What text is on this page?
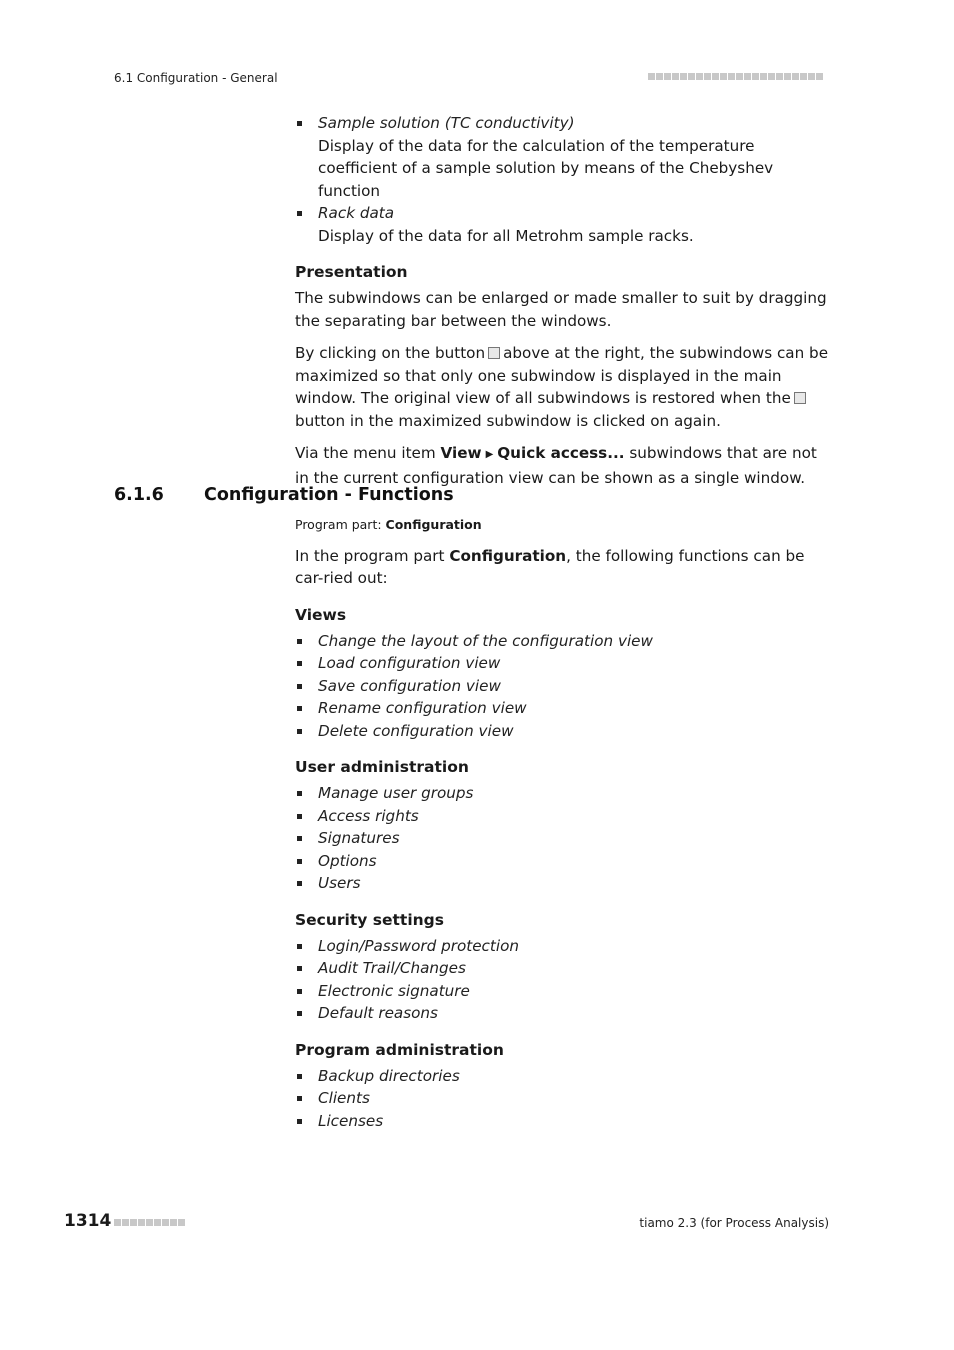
6.1 Configuration - General
Sample solution (TC conductivity)
Display of the data for the calculation of the temperature coefficient of a sample solution by means of the Chebyshev function
Rack data
Display of the data for all Metrohm sample racks.
Presentation

The subwindows can be enlarged or made smaller to suit by dragging the separating bar between the windows.

By clicking on the button above at the right, the subwindows can be maximized so that only one subwindow is displayed in the main window. The original view of all subwindows is restored when thebutton in the maximized subwindow is clicked on again.

Via the menu item View ▶ Quick access... subwindows that are not in the current configuration view can be shown as a single window.

6.1.6 Configuration - Functions
Program part: Configuration

In the program part Configuration, the following functions can be car-ried out:

Views
Change the layout of the configuration view
Load configuration view
Save configuration view
Rename configuration view
Delete configuration view
User administration
Manage user groups
Access rights
Signatures
Options
Users
Security settings
Login/Password protection
Audit Trail/Changes
Electronic signature
Default reasons
Program administration
Backup directories
Clients
Licenses
1314	tiamo 2.3 (for Process Analysis)
